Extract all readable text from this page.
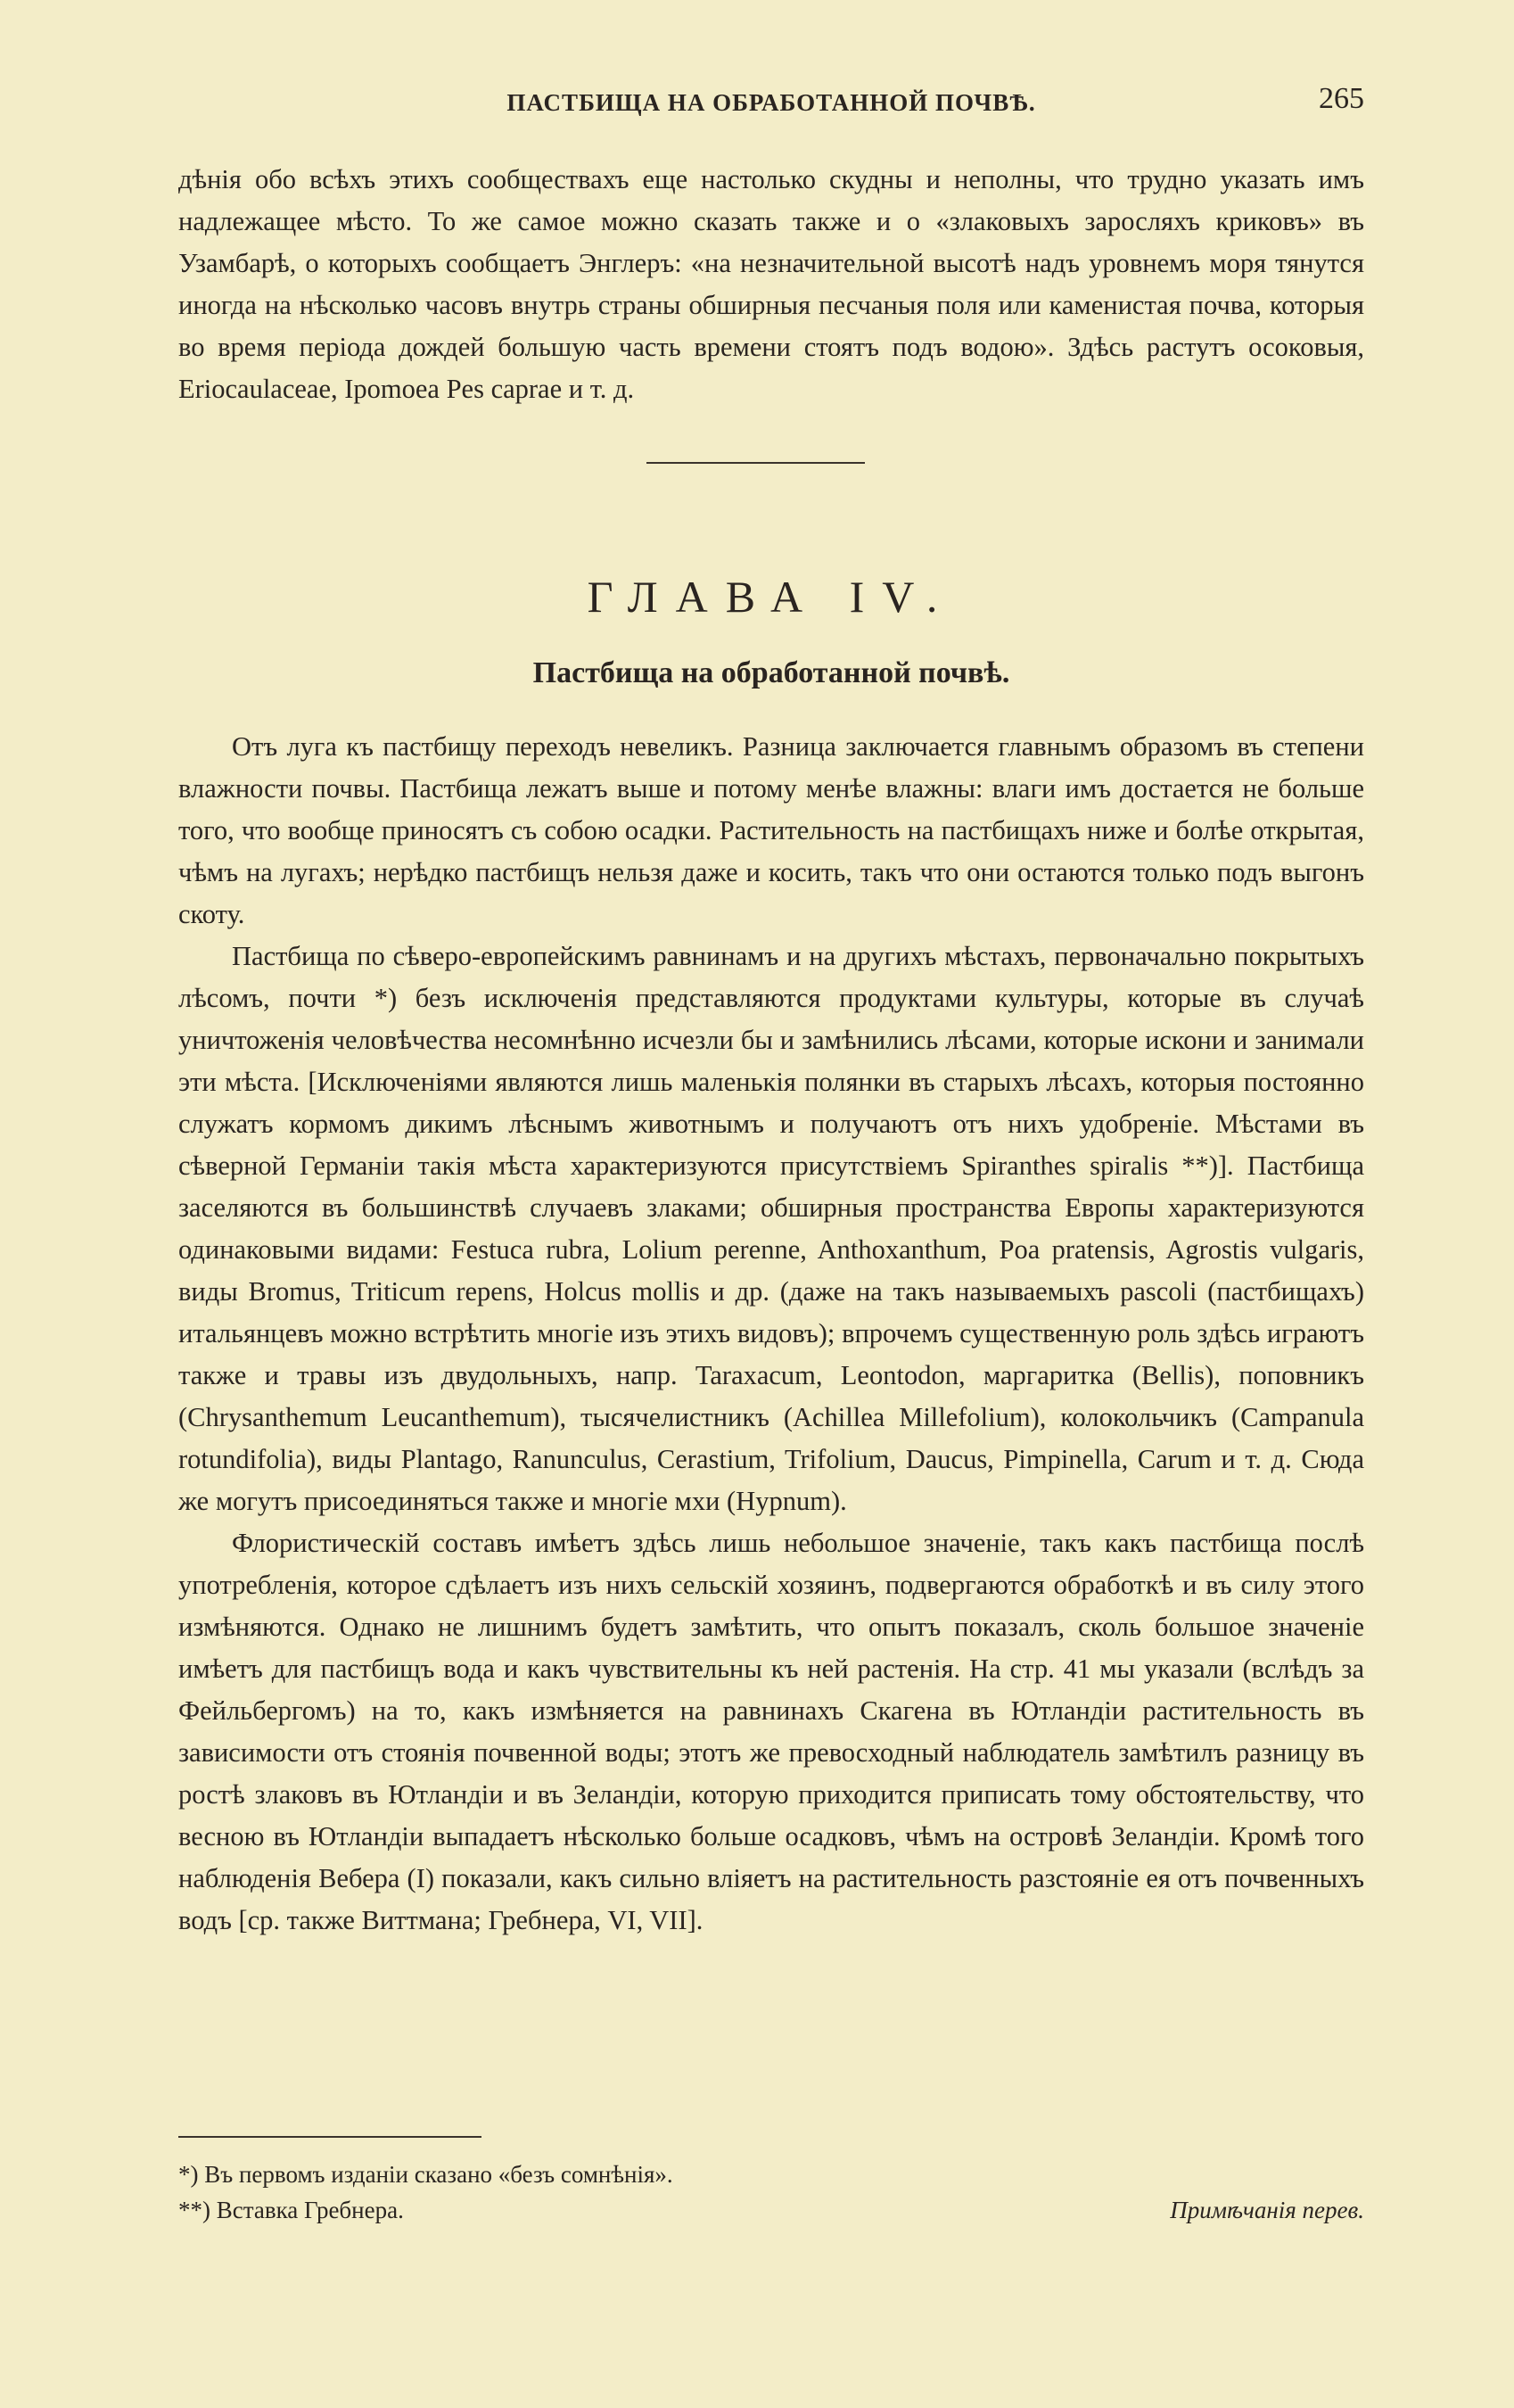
ПАСТБИЩА НА ОБРАБОТАННОЙ ПОЧВѢ.	265

дѣнія обо всѣхъ этихъ сообществахъ еще настолько скудны и неполны, что трудно указать имъ надлежащее мѣсто. То же самое можно сказать также и о «злаковыхъ заросляхъ криковъ» въ Узамбарѣ, о которыхъ сообщаетъ Энглеръ: «на незначительной высотѣ надъ уровнемъ моря тянутся иногда на нѣсколько часовъ внутрь страны обширныя песчаныя поля или каменистая почва, которыя во время періода дождей большую часть времени стоятъ подъ водою». Здѣсь растутъ осоковыя, Eriocaulaceae, Ipomoea Pes caprae и т. д.

ГЛАВА IV.
Пастбища на обработанной почвѣ.

Отъ луга къ пастбищу переходъ невеликъ. Разница заключается главнымъ образомъ въ степени влажности почвы. Пастбища лежатъ выше и потому менѣе влажны: влаги имъ достается не больше того, что вообще приносятъ съ собою осадки. Растительность на пастбищахъ ниже и болѣе открытая, чѣмъ на лугахъ; нерѣдко пастбищъ нельзя даже и косить, такъ что они остаются только подъ выгонъ скоту.

Пастбища по сѣверо-европейскимъ равнинамъ и на другихъ мѣстахъ, первоначально покрытыхъ лѣсомъ, почти *) безъ исключенія представляются продуктами культуры, которые въ случаѣ уничтоженія человѣчества несомнѣнно исчезли бы и замѣнились лѣсами, которые искони и занимали эти мѣста. [Исключеніями являются лишь маленькія полянки въ старыхъ лѣсахъ, которыя постоянно служатъ кормомъ дикимъ лѣснымъ животнымъ и получаютъ отъ нихъ удобреніе. Мѣстами въ сѣверной Германіи такія мѣста характеризуются присутствіемъ Spiranthes spiralis **)]. Пастбища заселяются въ большинствѣ случаевъ злаками; обширныя пространства Европы характеризуются одинаковыми видами: Festuca rubra, Lolium perenne, Anthoxanthum, Poa pratensis, Agrostis vulgaris, виды Bromus, Triticum repens, Holcus mollis и др. (даже на такъ называемыхъ pascoli (пастбищахъ) итальянцевъ можно встрѣтить многіе изъ этихъ видовъ); впрочемъ существенную роль здѣсь играютъ также и травы изъ двудольныхъ, напр. Taraxacum, Leontodon, маргаритка (Bellis), поповникъ (Chrysanthemum Leucanthemum), тысячелистникъ (Achillea Millefolium), колокольчикъ (Campanula rotundifolia), виды Plantago, Ranunculus, Cerastium, Trifolium, Daucus, Pimpinella, Carum и т. д. Сюда же могутъ присоединяться также и многіе мхи (Hypnum).

Флористическій составъ имѣетъ здѣсь лишь небольшое значеніе, такъ какъ пастбища послѣ употребленія, которое сдѣлаетъ изъ нихъ сельскій хозяинъ, подвергаются обработкѣ и въ силу этого измѣняются. Однако не лишнимъ будетъ замѣтить, что опытъ показалъ, сколь большое значеніе имѣетъ для пастбищъ вода и какъ чувствительны къ ней растенія. На стр. 41 мы указали (вслѣдъ за Фейльбергомъ) на то, какъ измѣняется на равнинахъ Скагена въ Ютландіи растительность въ зависимости отъ стоянія почвенной воды; этотъ же превосходный наблюдатель замѣтилъ разницу въ ростѣ злаковъ въ Ютландіи и въ Зеландіи, которую приходится приписать тому обстоятельству, что весною въ Ютландіи выпадаетъ нѣсколько больше осадковъ, чѣмъ на островѣ Зеландіи. Кромѣ того наблюденія Вебера (I) показали, какъ сильно вліяетъ на растительность разстояніе ея отъ почвенныхъ водъ [ср. также Виттмана; Гребнера, VI, VII].

*) Въ первомъ изданіи сказано «безъ сомнѣнія».
**) Вставка Гребнера.	Примѣчанія перев.
